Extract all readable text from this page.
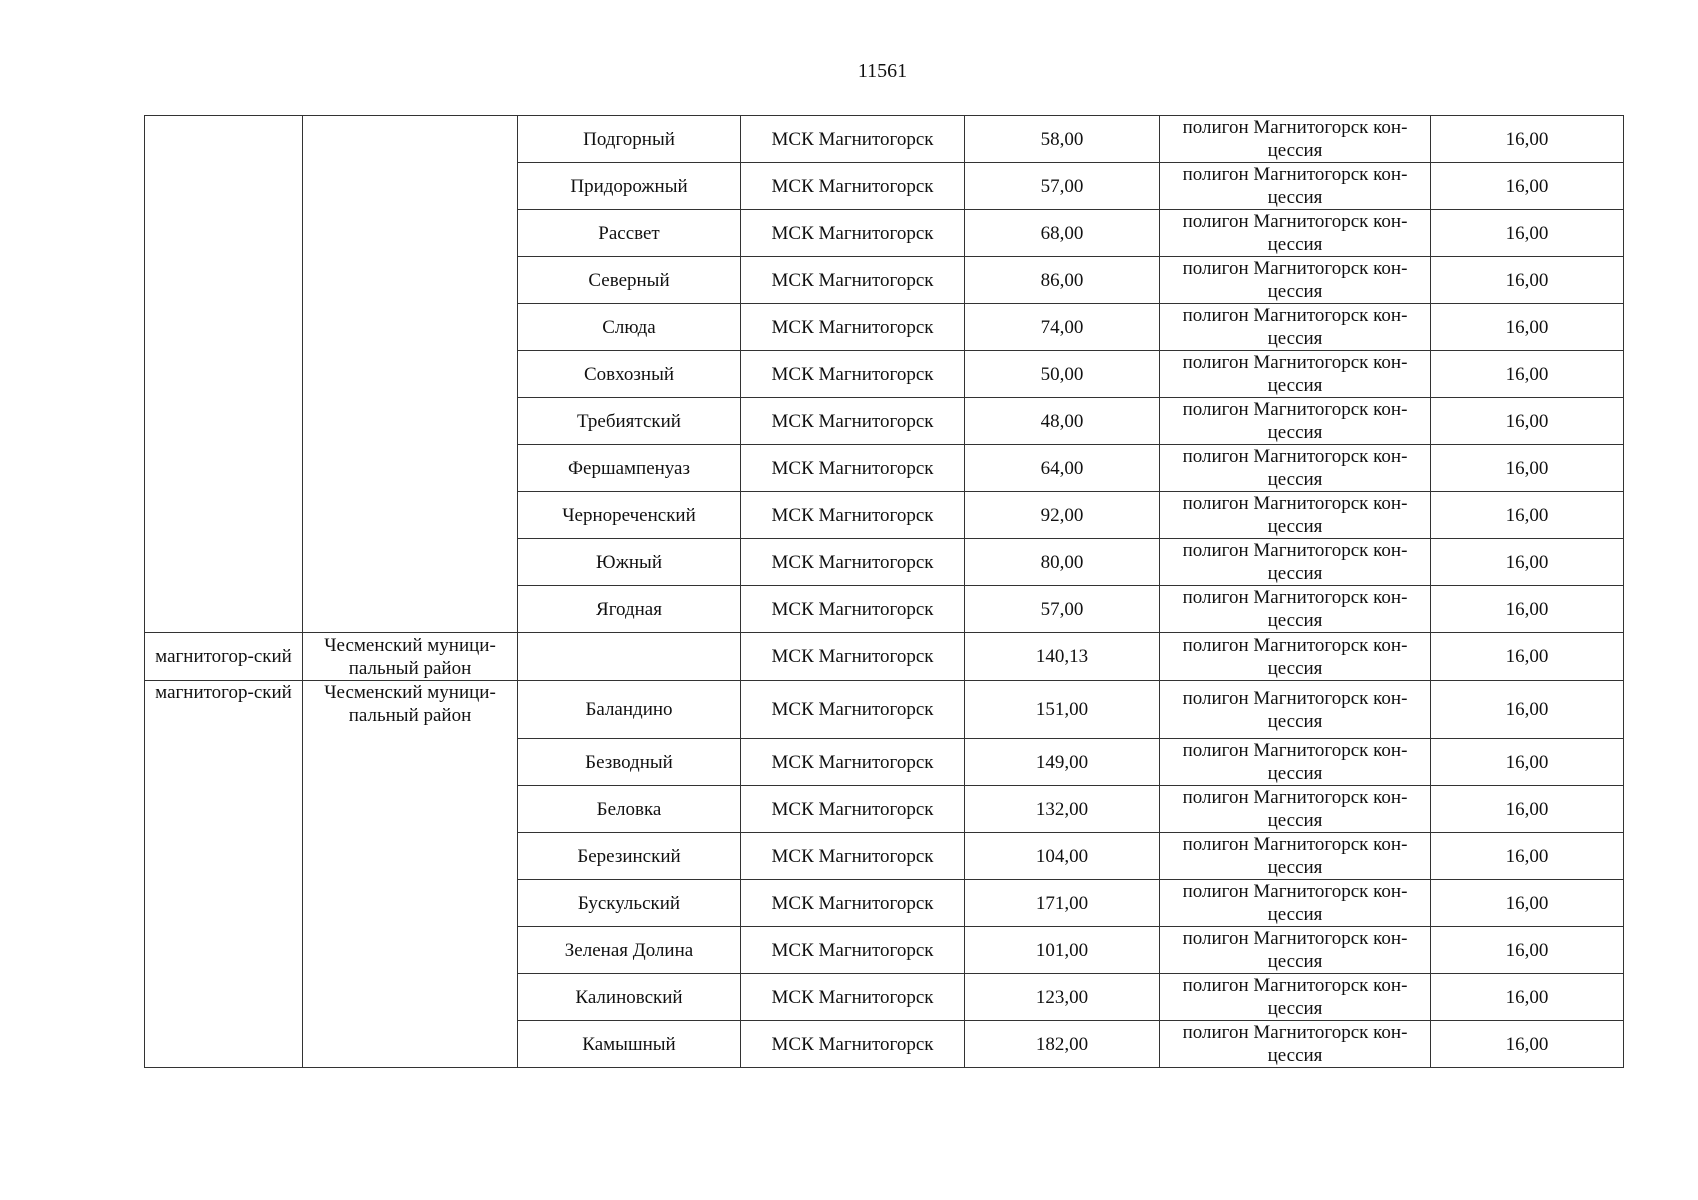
11561
		Подгорный	МСК Магнитогорск	58,00	полигон Магнитогорск кон-цессия	16,00
		Придорожный	МСК Магнитогорск	57,00	полигон Магнитогорск кон-цессия	16,00
		Рассвет	МСК Магнитогорск	68,00	полигон Магнитогорск кон-цессия	16,00
		Северный	МСК Магнитогорск	86,00	полигон Магнитогорск кон-цессия	16,00
		Слюда	МСК Магнитогорск	74,00	полигон Магнитогорск кон-цессия	16,00
		Совхозный	МСК Магнитогорск	50,00	полигон Магнитогорск кон-цессия	16,00
		Требиятский	МСК Магнитогорск	48,00	полигон Магнитогорск кон-цессия	16,00
		Фершампенуаз	МСК Магнитогорск	64,00	полигон Магнитогорск кон-цессия	16,00
		Чернореченский	МСК Магнитогорск	92,00	полигон Магнитогорск кон-цессия	16,00
		Южный	МСК Магнитогорск	80,00	полигон Магнитогорск кон-цессия	16,00
		Ягодная	МСК Магнитогорск	57,00	полигон Магнитогорск кон-цессия	16,00
магнитогор-ский	Чесменский муници-пальный район		МСК Магнитогорск	140,13	полигон Магнитогорск кон-цессия	16,00
магнитогор-ский	Чесменский муници-пальный район	Баландино	МСК Магнитогорск	151,00	полигон Магнитогорск кон-цессия	16,00
		Безводный	МСК Магнитогорск	149,00	полигон Магнитогорск кон-цессия	16,00
		Беловка	МСК Магнитогорск	132,00	полигон Магнитогорск кон-цессия	16,00
		Березинский	МСК Магнитогорск	104,00	полигон Магнитогорск кон-цессия	16,00
		Бускульский	МСК Магнитогорск	171,00	полигон Магнитогорск кон-цессия	16,00
		Зеленая Долина	МСК Магнитогорск	101,00	полигон Магнитогорск кон-цессия	16,00
		Калиновский	МСК Магнитогорск	123,00	полигон Магнитогорск кон-цессия	16,00
		Камышный	МСК Магнитогорск	182,00	полигон Магнитогорск кон-цессия	16,00
